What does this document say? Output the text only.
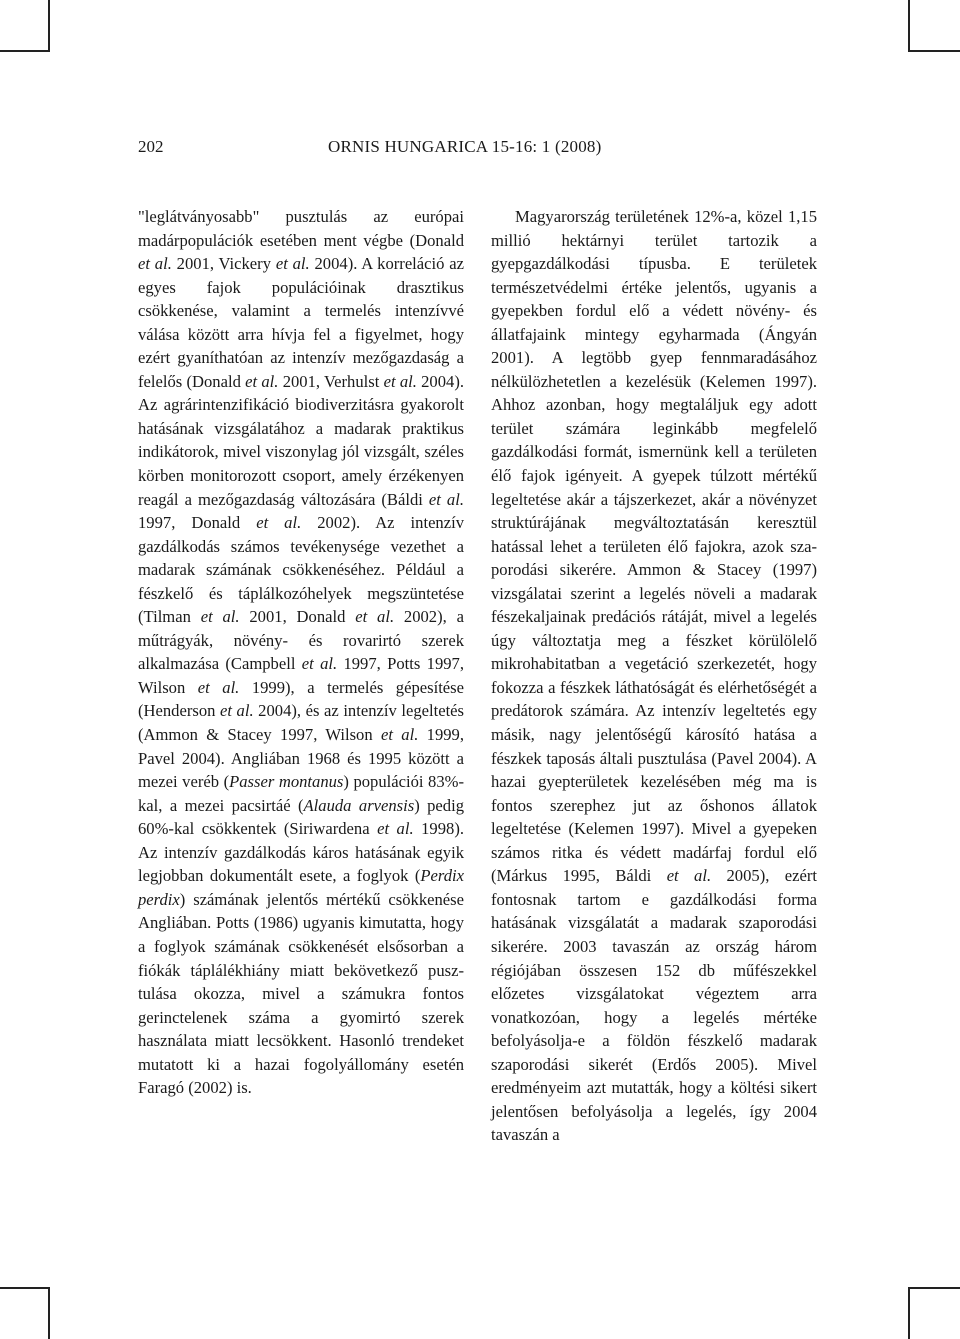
202	ORNIS HUNGARICA 15-16: 1 (2008)

"leglátványosabb" pusztulás az európai madárpopulációk esetében ment végbe (Donald et al. 2001, Vickery et al. 2004). A korreláció az egyes fajok populációinak drasztikus csökkenése, valamint a termelés intenzívvé válása között arra hívja fel a figyelmet, hogy ezért gyaníthatóan az intenzív mezőgazdaság a felelős (Donald et al. 2001, Verhulst et al. 2004). Az agrárintenzifikáció biodiverzitásra gyakorolt hatásának vizsgálatához a madarak praktikus indikátorok, mivel viszonylag jól vizsgált, széles körben monitorozott csoport, amely érzékenyen reagál a mezőgazdaság változására (Báldi et al. 1997, Donald et al. 2002). Az intenzív gazdálkodás számos tevékenysége vezethet a madarak számának csökkenéséhez. Például a fészkelő és táplálkozóhelyek megszüntetése (Tilman et al. 2001, Donald et al. 2002), a műtrágyák, növény- és rovarirtó szerek alkalmazása (Campbell et al. 1997, Potts 1997, Wilson et al. 1999), a termelés gépesítése (Henderson et al. 2004), és az intenzív legeltetés (Ammon & Stacey 1997, Wilson et al. 1999, Pavel 2004). Angliában 1968 és 1995 között a mezei veréb (Passer montanus) populációi 83%-kal, a mezei pacsirtáé (Alauda arvensis) pedig 60%-kal csökkentek (Siriwardena et al. 1998). Az intenzív gazdálkodás káros hatásának egyik legjobban dokumentált esete, a foglyok (Perdix perdix) számának jelentős mértékű csökkenése Angliában. Potts (1986) ugyanis kimutatta, hogy a foglyok számának csökkenését elsősorban a fiókák táplálékhiány miatt bekövetkező pusztulása okozza, mivel a számukra fontos gerinctelenek száma a gyomirtó szerek használata miatt lecsökkent. Hasonló trendeket mutatott ki a hazai fogolyállomány esetén Faragó (2002) is.

Magyarország területének 12%-a, közel 1,15 millió hektárnyi terület tartozik a gyepgazdálkodási típusba. E területek természetvédelmi értéke jelentős, ugyanis a gyepekben fordul elő a védett növény- és állatfajaink mintegy egyharmada (Ángyán 2001). A legtöbb gyep fennmaradásához nélkülözhetetlen a kezelésük (Kelemen 1997). Ahhoz azonban, hogy megtaláljuk egy adott terület számára leginkább megfelelő gazdálkodási formát, ismernünk kell a területen élő fajok igényeit. A gyepek túlzott mértékű legeltetése akár a tájszerkezet, akár a növényzet struktúrájának megváltoztatásán keresztül hatással lehet a területen élő fajokra, azok szaporodási sikerére. Ammon & Stacey (1997) vizsgálatai szerint a legelés növeli a madarak fészekaljainak predációs rátáját, mivel a legelés úgy változtatja meg a fészket körülölelő mikrohabitatban a vegetáció szerkezetét, hogy fokozza a fészkek láthatóságát és elérhetőségét a predátorok számára. Az intenzív legeltetés egy másik, nagy jelentőségű károsító hatása a fészkek taposás általi pusztulása (Pavel 2004). A hazai gyepterületek kezelésében még ma is fontos szerephez jut az őshonos állatok legeltetése (Kelemen 1997). Mivel a gyepeken számos ritka és védett madárfaj fordul elő (Márkus 1995, Báldi et al. 2005), ezért fontosnak tartom e gazdálkodási forma hatásának vizsgálatát a madarak szaporodási sikerére. 2003 tavaszán az ország három régiójában összesen 152 db műfészekkel előzetes vizsgálatokat végeztem arra vonatkozóan, hogy a legelés mértéke befolyásolja-e a földön fészkelő madarak szaporodási sikerét (Erdős 2005). Mivel eredményeim azt mutatták, hogy a költési sikert jelentősen befolyásolja a legelés, így 2004 tavaszán a
